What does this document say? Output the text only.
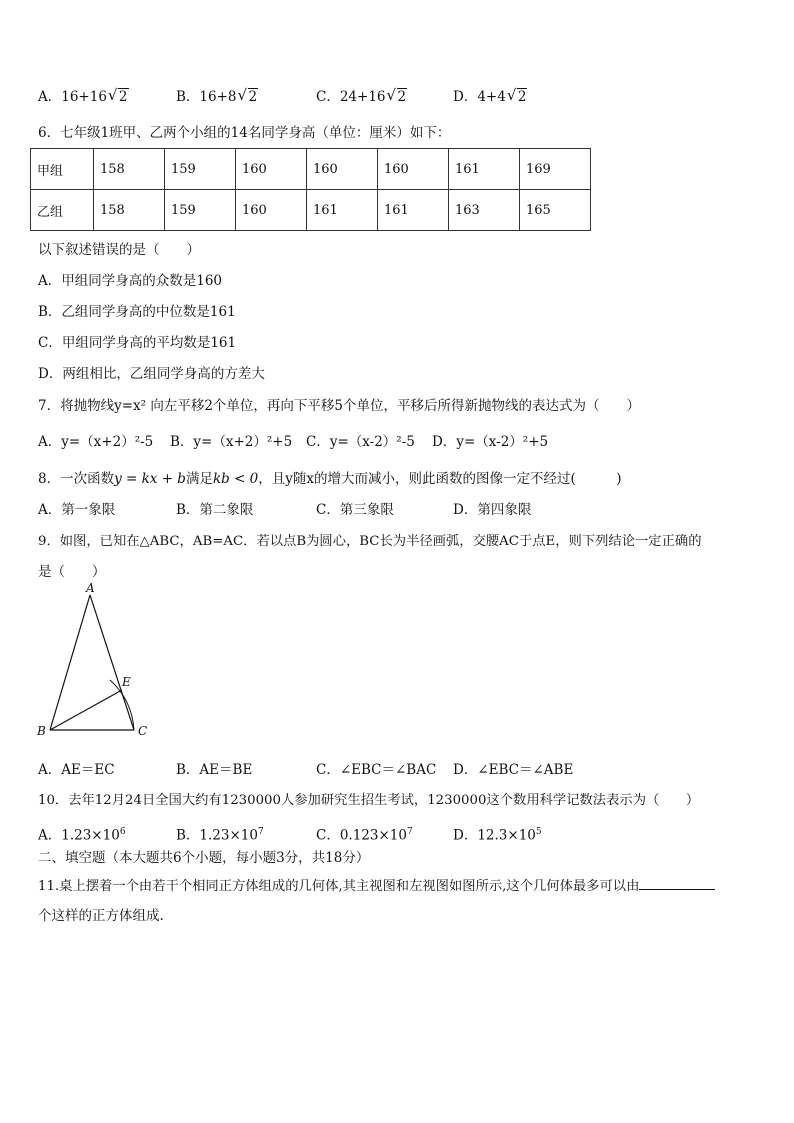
A．16+16 √ 2	B．16+8 √ 2	C．24+16 √ 2	D．4+4 √ 2
6．七年级1班甲、乙两个小组的14名同学身高（单位：厘米）如下：
甲组	158	159	160	160	160	161	169
乙组	158	159	160	161	161	163	165
以下叙述错误的是（　　）
A．甲组同学身高的众数是160
B．乙组同学身高的中位数是161
C．甲组同学身高的平均数是161
D．两组相比，乙组同学身高的方差大
7．将抛物线y=x² 向左平移2个单位，再向下平移5个单位，平移后所得新抛物线的表达式为（　　）
A．y=（x+2）²-5 B．y=（x+2）²+5 C．y=（x-2）²-5 D．y=（x-2）²+5
8．一次函数y = kx + b满足kb < 0，且y随x的增大而减小，则此函数的图像一定不经过(　　　)
A．第一象限	B．第二象限	C．第三象限	D．第四象限
9．如图，已知在△ABC，AB=AC．若以点B为圆心，BC长为半径画弧，交腰AC于点E，则下列结论一定正确的
是（　　）
A
B	C
E
A．AE＝EC	B．AE＝BE	C．∠EBC＝∠BAC D．∠EBC＝∠ABE
10．去年12月24日全国大约有1230000人参加研究生招生考试，1230000这个数用科学记数法表示为（　　）
A．$1.23\times 10^6$	B．$1.23\times 10^7$	C．$0.123\times 10^7$	D．$12.3\times 10^5$
二、填空题（本大题共6个小题，每小题3分，共18分）
11.桌上摆着一个由若干个相同正方体组成的几何体,其主视图和左视图如图所示,这个几何体最多可以由
个这样的正方体组成.
